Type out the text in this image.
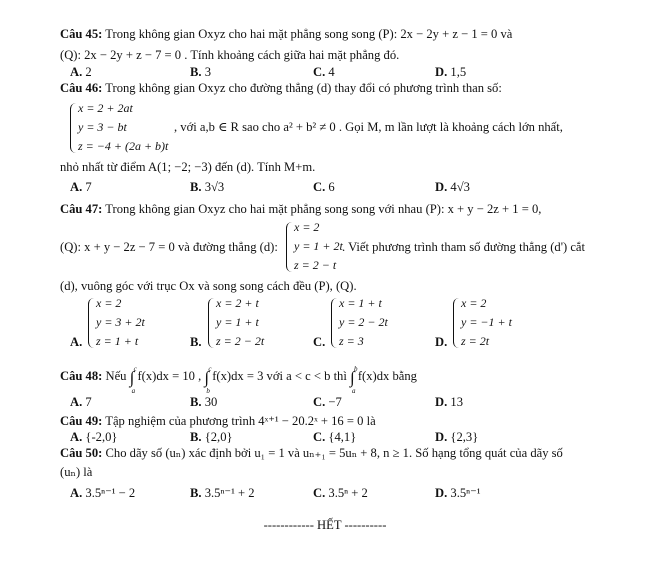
Câu 45: Trong không gian Oxyz cho hai mặt phẳng song song (P): 2x − 2y + z − 1 = 0 và
(Q): 2x − 2y + z − 7 = 0 . Tính khoảng cách giữa hai mặt phẳng đó.
A. 2	B. 3	C. 4	D. 1,5
Câu 46: Trong không gian Oxyz cho đường thẳng (d) thay đổi có phương trình than số:
x = 2 + 2at
y = 3 − bt
z = −4 + (2a + b)t
, với a,b ∈ R sao cho a² + b² ≠ 0 . Gọi M, m lần lượt là khoảng cách lớn nhất,
nhỏ nhất từ điểm A(1; −2; −3) đến (d). Tính M+m.
A. 7	B. 3√3	C. 6	D. 4√3
Câu 47: Trong không gian Oxyz cho hai mặt phẳng song song với nhau (P): x + y − 2z + 1 = 0,
(Q): x + y − 2z − 7 = 0 và đường thẳng (d):
x = 2
y = 1 + 2t
z = 2 − t
. Viết phương trình tham số đường thẳng (d') cắt
(d), vuông góc với trục Ox và song song cách đều (P), (Q).
A.
x = 2
y = 3 + 2t
z = 1 + t	B.
x = 2 + t
y = 1 + t
z = 2 − 2t	C.
x = 1 + t
y = 2 − 2t
z = 3	D.
x = 2
y = −1 + t
z = 2t
Câu 48: Nếu ∫ c
a
f(x)dx = 10 , ∫ c
b
f(x)dx = 3 với a < c < b thì ∫ b
a
f(x)dx bằng
A. 7	B. 30	C. −7	D. 13
Câu 49: Tập nghiệm của phương trình 4ˣ⁺¹ − 20.2ˣ + 16 = 0 là
A. {-2,0}	B. {2,0}	C. {4,1}	D. {2,3}
Câu 50: Cho dãy số (uₙ) xác định bởi u₁ = 1 và uₙ₊₁ = 5uₙ + 8, n ≥ 1. Số hạng tổng quát của dãy số
(uₙ) là
A. 3.5ⁿ⁻¹ − 2	B. 3.5ⁿ⁻¹ + 2	C. 3.5ⁿ + 2	D. 3.5ⁿ⁻¹
------------ HẾT ----------
